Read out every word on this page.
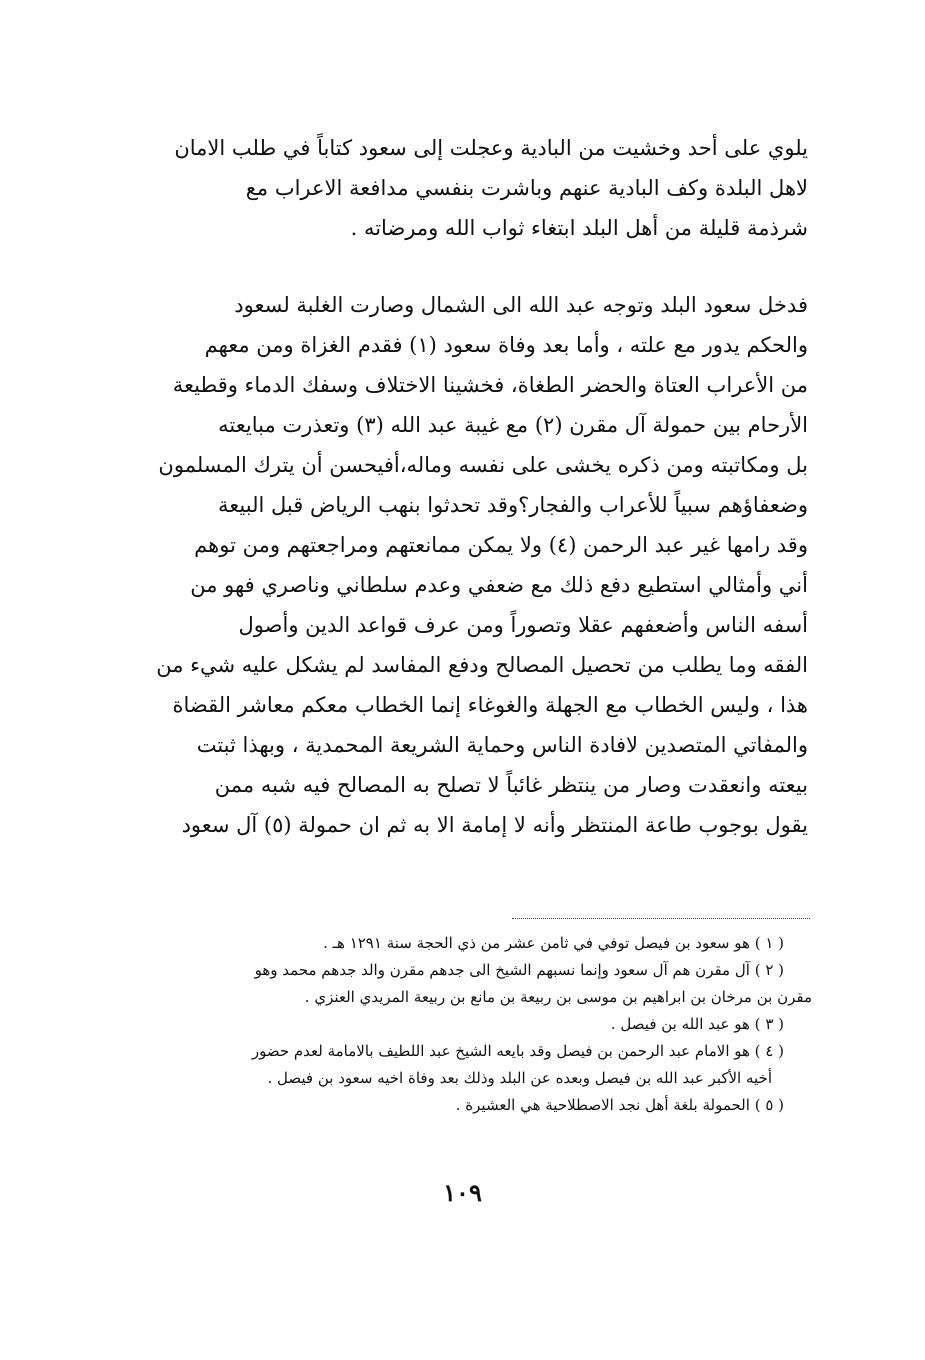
يلوي على أحد وخشيت من البادية وعجلت إلى سعود كتاباً في طلب الامان
لاهل البلدة وكف البادية عنهم وباشرت بنفسي مدافعة الاعراب مع
شرذمة قليلة من أهل البلد ابتغاء ثواب الله ومرضاته .
فدخل سعود البلد وتوجه عبد الله الى الشمال وصارت الغلبة لسعود
والحكم يدور مع علته ، وأما بعد وفاة سعود (١) فقدم الغزاة ومن معهم
من الأعراب العتاة والحضر الطغاة، فخشينا الاختلاف وسفك الدماء وقطيعة
الأرحام بين حمولة آل مقرن (٢) مع غيبة عبد الله (٣) وتعذرت مبايعته
بل ومكاتبته ومن ذكره يخشى على نفسه وماله،أفيحسن أن يترك المسلمون
وضعفاؤهم سبياً للأعراب والفجار؟وقد تحدثوا بنهب الرياض قبل البيعة
وقد رامها غير عبد الرحمن (٤) ولا يمكن ممانعتهم ومراجعتهم ومن توهم
أني وأمثالي استطيع دفع ذلك مع ضعفي وعدم سلطاني وناصري فهو من
أسفه الناس وأضعفهم عقلا وتصوراً ومن عرف قواعد الدين وأصول
الفقه وما يطلب من تحصيل المصالح ودفع المفاسد لم يشكل عليه شيء من
هذا ، وليس الخطاب مع الجهلة والغوغاء إنما الخطاب معكم معاشر القضاة
والمفاتي المتصدين لافادة الناس وحماية الشريعة المحمدية ، وبهذا ثبتت
بيعته وانعقدت وصار من ينتظر غائباً لا تصلح به المصالح فيه شبه ممن
يقول بوجوب طاعة المنتظر وأنه لا إمامة الا به ثم ان حمولة (٥) آل سعود
( ١ ) هو سعود بن فيصل توفي في ثامن عشر من ذي الحجة سنة ١٢٩١ هـ .
( ٢ ) آل مقرن هم آل سعود وإنما نسبهم الشيخ الى جدهم مقرن والد جدهم محمد وهو
مقرن بن مرخان بن ابراهيم بن موسى بن ربيعة بن مانع بن ربيعة المريدي العنزي .
( ٣ ) هو عبد الله بن فيصل .
( ٤ ) هو الامام عبد الرحمن بن فيصل وقد بايعه الشيخ عبد اللطيف بالامامة لعدم حضور
أخيه الأكبر عبد الله بن فيصل وبعده عن البلد وذلك بعد وفاة اخيه سعود بن فيصل .
( ٥ ) الحمولة بلغة أهل نجد الاصطلاحية هي العشيرة .
١٠٩
